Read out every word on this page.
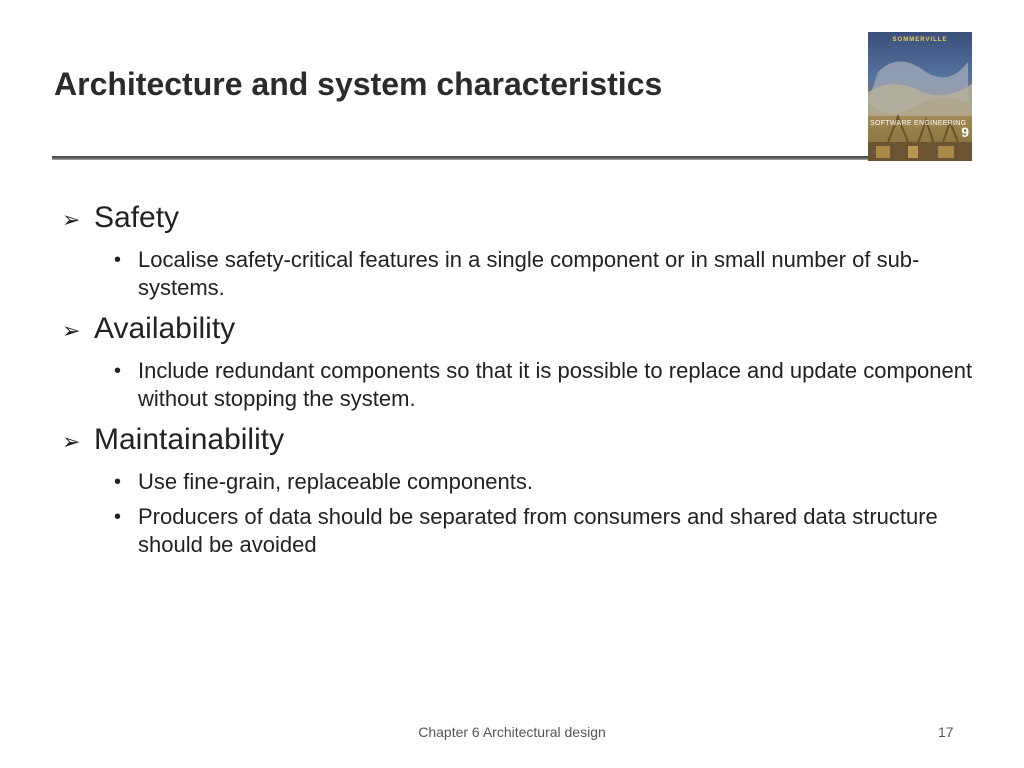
Architecture and system characteristics
SOMMERVILLE
SOFTWARE ENGINEERING
9
➢ Safety
• Localise safety-critical features in a single component or in small number of sub-systems.
➢ Availability
• Include redundant components so that it is possible to replace and update component without stopping the system.
➢ Maintainability
• Use fine-grain, replaceable components.
• Producers of data should be separated from consumers and shared data structure should be avoided
Chapter 6 Architectural design	17
